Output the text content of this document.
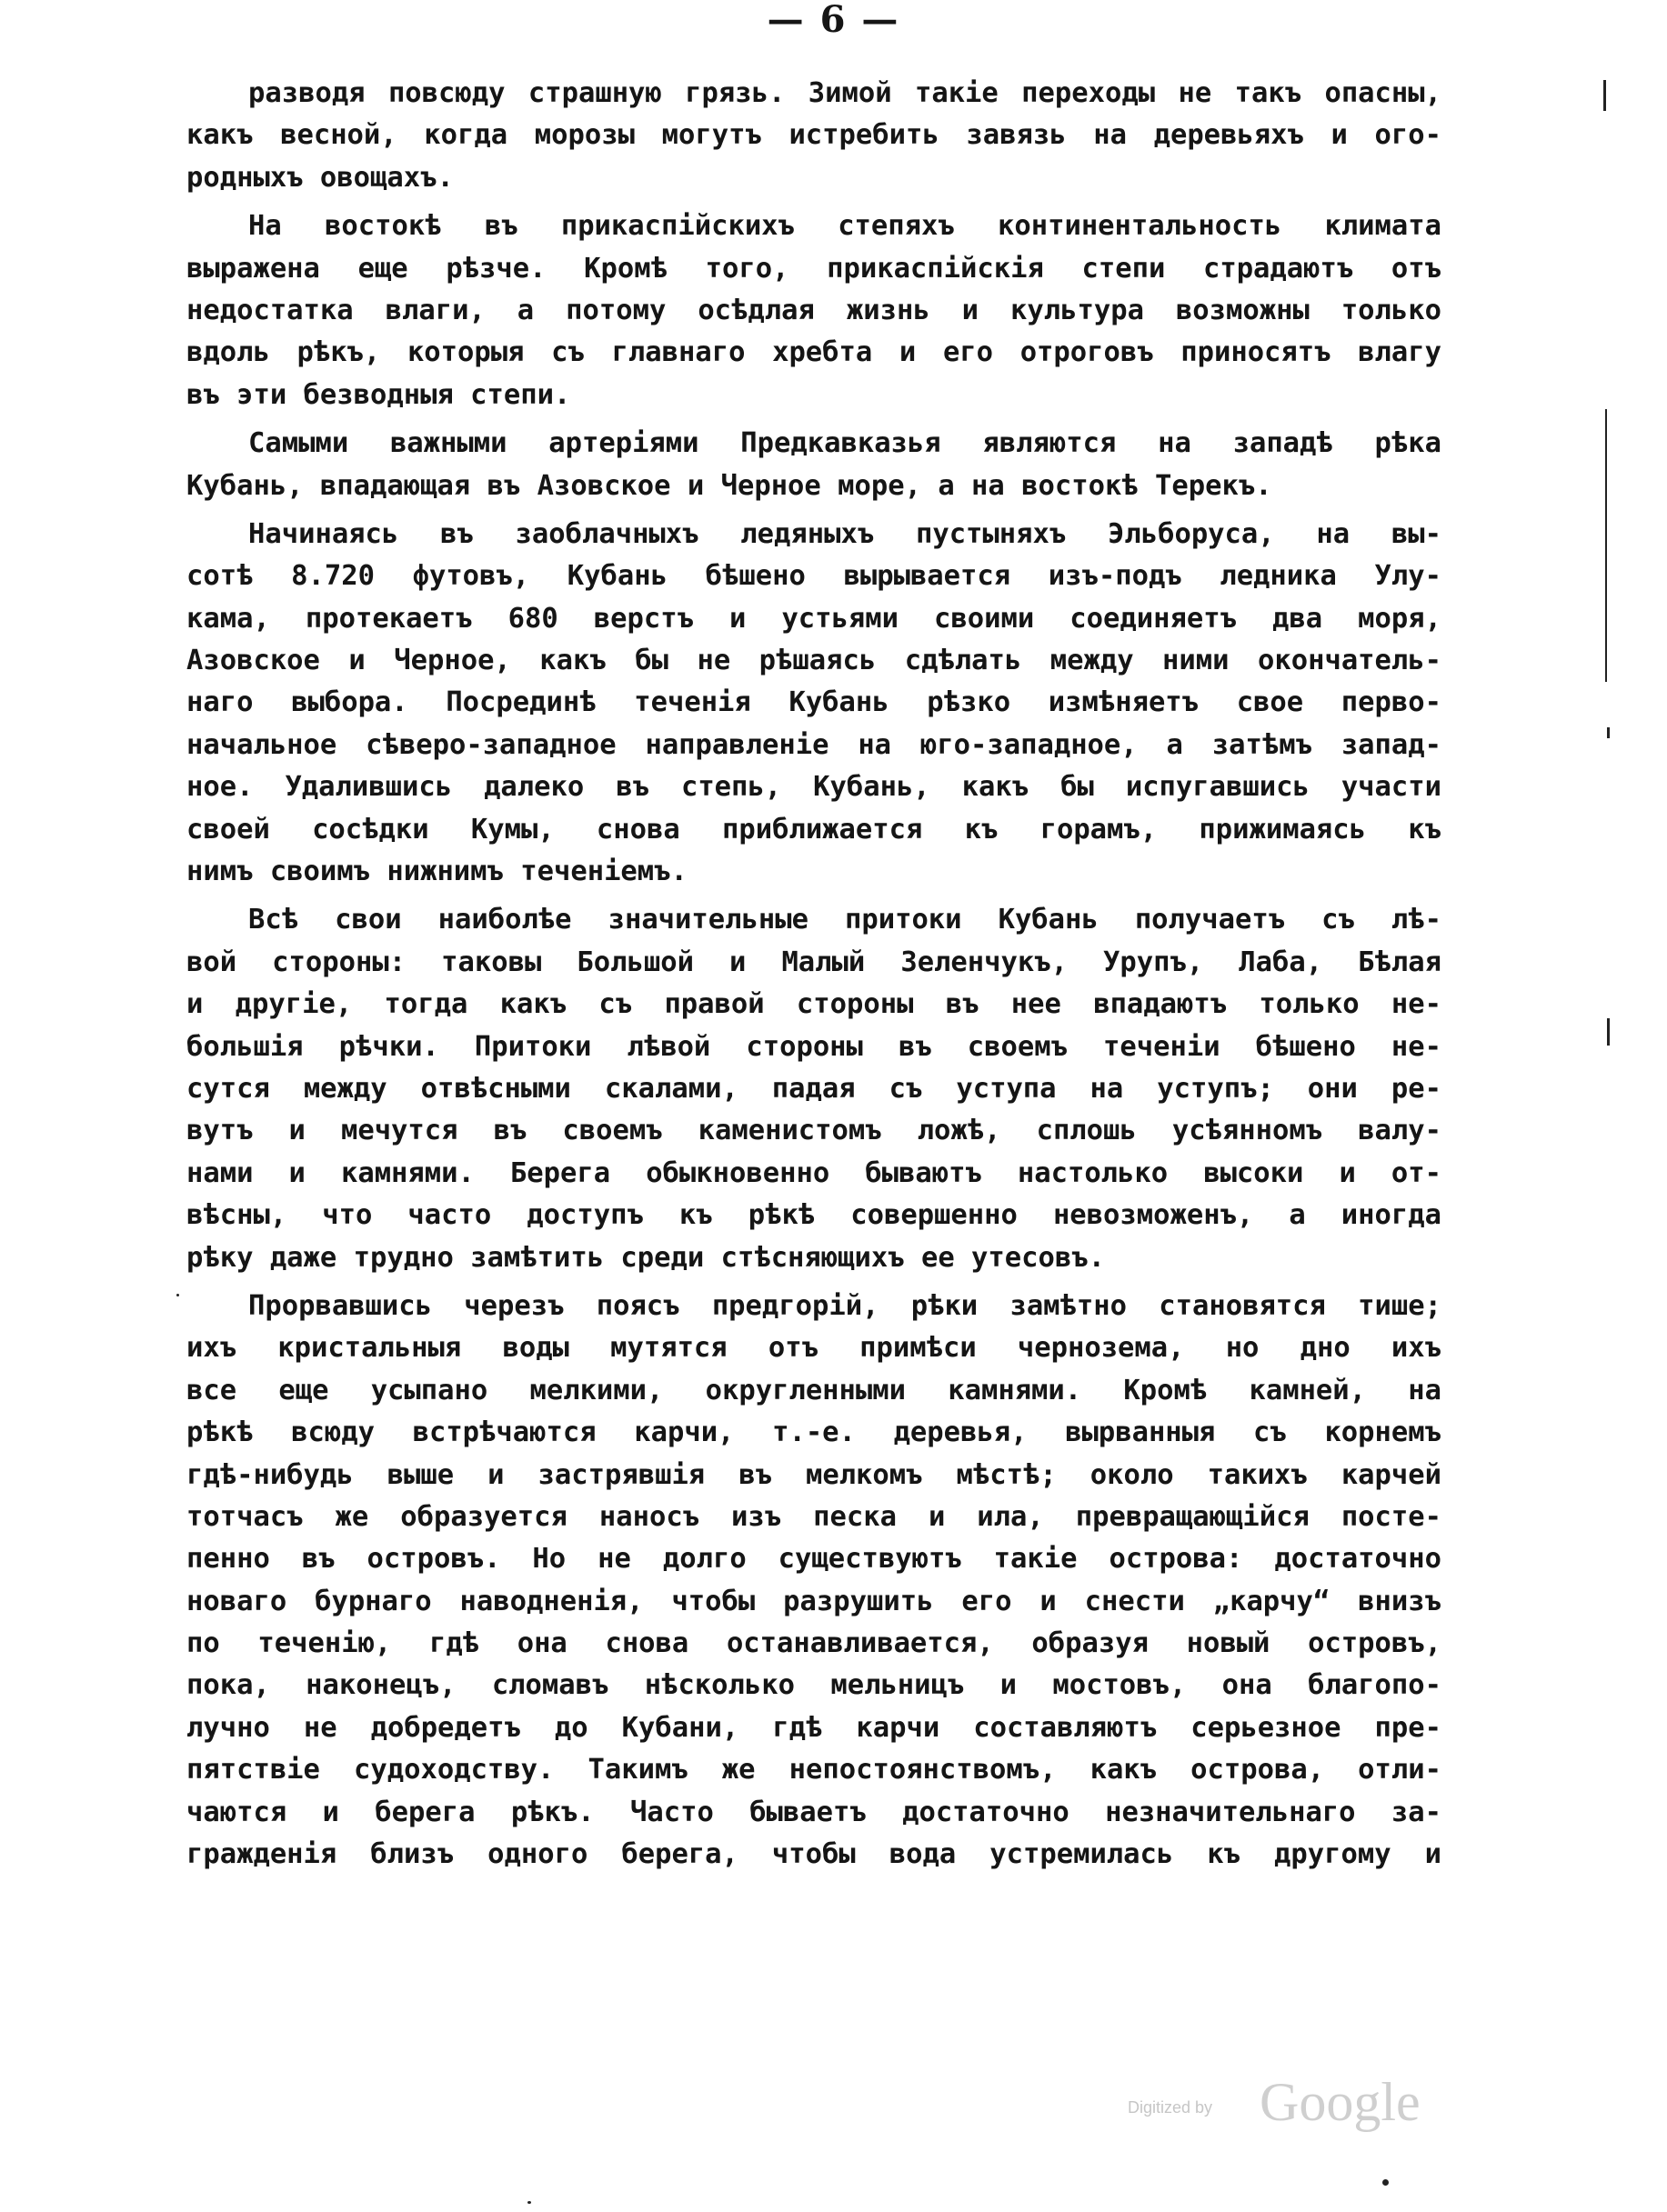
— 6 —
разводя повсюду страшную грязь. Зимой такіе переходы не такъ опасны,
какъ весной, когда морозы могутъ истребить завязь на деревьяхъ и ого-
родныхъ овощахъ.
На востокѣ въ прикаспійскихъ степяхъ континентальность климата
выражена еще рѣзче. Кромѣ того, прикаспійскія степи страдаютъ отъ
недостатка влаги, а потому осѣдлая жизнь и культура возможны только
вдоль рѣкъ, которыя съ главнаго хребта и его отроговъ приносятъ влагу
въ эти безводныя степи.
Самыми важными артеріями Предкавказья являются на западѣ рѣка
Кубань, впадающая въ Азовское и Черное море, а на востокѣ Терекъ.
Начинаясь въ заоблачныхъ ледяныхъ пустыняхъ Эльборуса, на вы-
сотѣ 8.720 футовъ, Кубань бѣшено вырывается изъ-подъ ледника Улу-
кама, протекаетъ 680 верстъ и устьями своими соединяетъ два моря,
Азовское и Черное, какъ бы не рѣшаясь сдѣлать между ними окончатель-
наго выбора. Посрединѣ теченія Кубань рѣзко измѣняетъ свое перво-
начальное сѣверо-западное направленіе на юго-западное, а затѣмъ запад-
ное. Удалившись далеко въ степь, Кубань, какъ бы испугавшись участи
своей сосѣдки Кумы, снова приближается къ горамъ, прижимаясь къ
нимъ своимъ нижнимъ теченіемъ.
Всѣ свои наиболѣе значительные притоки Кубань получаетъ съ лѣ-
вой стороны: таковы Большой и Малый Зеленчукъ, Урупъ, Лаба, Бѣлая
и другіе, тогда какъ съ правой стороны въ нее впадаютъ только не-
большія рѣчки. Притоки лѣвой стороны въ своемъ теченіи бѣшено не-
сутся между отвѣсными скалами, падая съ уступа на уступъ; они ре-
вутъ и мечутся въ своемъ каменистомъ ложѣ, сплошь усѣянномъ валу-
нами и камнями. Берега обыкновенно бываютъ настолько высоки и от-
вѣсны, что часто доступъ къ рѣкѣ совершенно невозможенъ, а иногда
рѣку даже трудно замѣтить среди стѣсняющихъ ее утесовъ.
Прорвавшись черезъ поясъ предгорій, рѣки замѣтно становятся тише;
ихъ кристальныя воды мутятся отъ примѣси чернозема, но дно ихъ
все еще усыпано мелкими, округленными камнями. Кромѣ камней, на
рѣкѣ всюду встрѣчаются карчи, т.-е. деревья, вырванныя съ корнемъ
гдѣ-нибудь выше и застрявшія въ мелкомъ мѣстѣ; около такихъ карчей
тотчасъ же образуется наносъ изъ песка и ила, превращающійся посте-
пенно въ островъ. Но не долго существуютъ такіе острова: достаточно
новаго бурнаго наводненія, чтобы разрушить его и снести „карчу“ внизъ
по теченію, гдѣ она снова останавливается, образуя новый островъ,
пока, наконецъ, сломавъ нѣсколько мельницъ и мостовъ, она благопо-
лучно не добредетъ до Кубани, гдѣ карчи составляютъ серьезное пре-
пятствіе судоходству. Такимъ же непостоянствомъ, какъ острова, отли-
чаются и берега рѣкъ. Часто бываетъ достаточно незначительнаго за-
гражденія близъ одного берега, чтобы вода устремилась къ другому и
Digitized by Google
